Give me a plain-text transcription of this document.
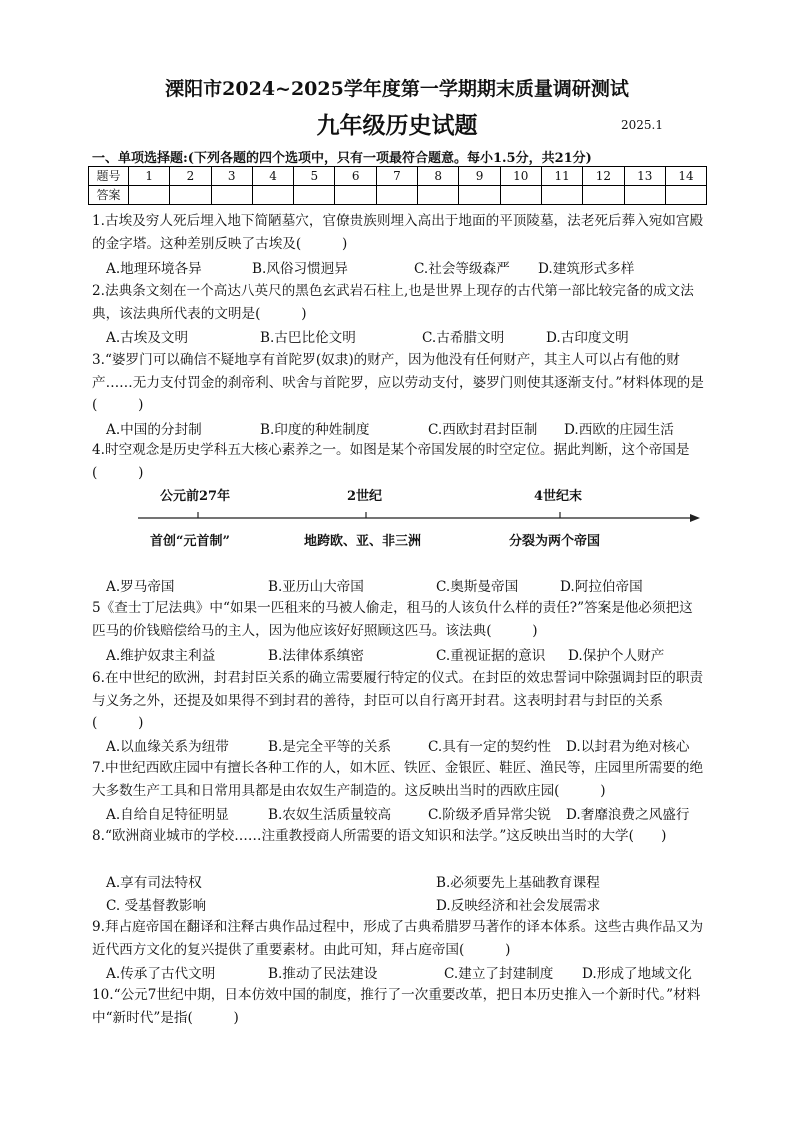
溧阳市2024~2025学年度第一学期期末质量调研测试
九年级历史试题	2025.1
一、单项选择题:(下列各题的四个选项中，只有一项最符合题意。每小1.5分，共21分)
题号	1	2	3	4	5	6	7	8	9	10	11	12	13	14
答案														

1.古埃及穷人死后埋入地下简陋墓穴，官僚贵族则埋入高出于地面的平顶陵墓，法老死后葬入宛如宫殿的金字塔。这种差别反映了古埃及(　　　)

A.地理环境各异	B.风俗习惯迥异	C.社会等级森严 D.建筑形式多样

2.法典条文刻在一个高达八英尺的黑色玄武岩石柱上,也是世界上现存的古代第一部比较完备的成文法典，该法典所代表的文明是(　　　)

A.古埃及文明	B.古巴比伦文明	C.古希腊文明	D.古印度文明

3.“婆罗门可以确信不疑地享有首陀罗(奴隶)的财产，因为他没有任何财产，其主人可以占有他的财产……无力支付罚金的刹帝利、吠舍与首陀罗，应以劳动支付，婆罗门则使其逐渐支付。”材料体现的是(　　　)

A.中国的分封制	B.印度的种姓制度	C.西欧封君封臣制 D.西欧的庄园生活

4.时空观念是历史学科五大核心素养之一。如图是某个帝国发展的时空定位。据此判断，这个帝国是(　　　)

公元前27年	2世纪	4世纪末
首创“元首制”	地跨欧、亚、非三洲	分裂为两个帝国
A.罗马帝国	B.亚历山大帝国	C.奥斯曼帝国	D.阿拉伯帝国

5《查士丁尼法典》中“如果一匹租来的马被人偷走，租马的人该负什么样的责任?”答案是他必须把这匹马的价钱赔偿给马的主人，因为他应该好好照顾这匹马。该法典(　　　)

A.维护奴隶主利益	B.法律体系缜密	C.重视证据的意识 D.保护个人财产

6.在中世纪的欧洲，封君封臣关系的确立需要履行特定的仪式。在封臣的效忠誓词中除强调封臣的职责与义务之外，还提及如果得不到封君的善待，封臣可以自行离开封君。这表明封君与封臣的关系(　　　)

A.以血缘关系为纽带	B.是完全平等的关系	C.具有一定的契约性 D.以封君为绝对核心

7.中世纪西欧庄园中有擅长各种工作的人，如木匠、铁匠、金银匠、鞋匠、渔民等，庄园里所需要的绝大多数生产工具和日常用具都是由农奴生产制造的。这反映出当时的西欧庄园(　　　)

A.自给自足特征明显	B.农奴生活质量较高	C.阶级矛盾异常尖锐 D.奢靡浪费之风盛行

8.“欧洲商业城市的学校……注重教授商人所需要的语文知识和法学。”这反映出当时的大学(　　)

A.享有司法特权	B.必须要先上基础教育课程
C. 受基督教影响	D.反映经济和社会发展需求

9.拜占庭帝国在翻译和注释古典作品过程中，形成了古典希腊罗马著作的译本体系。这些古典作品又为近代西方文化的复兴提供了重要素材。由此可知，拜占庭帝国(　　　)

A.传承了古代文明	B.推动了民法建设	C.建立了封建制度 D.形成了地域文化

10.“公元7世纪中期，日本仿效中国的制度，推行了一次重要改革，把日本历史推入一个新时代。”材料中“新时代”是指(　　　)
